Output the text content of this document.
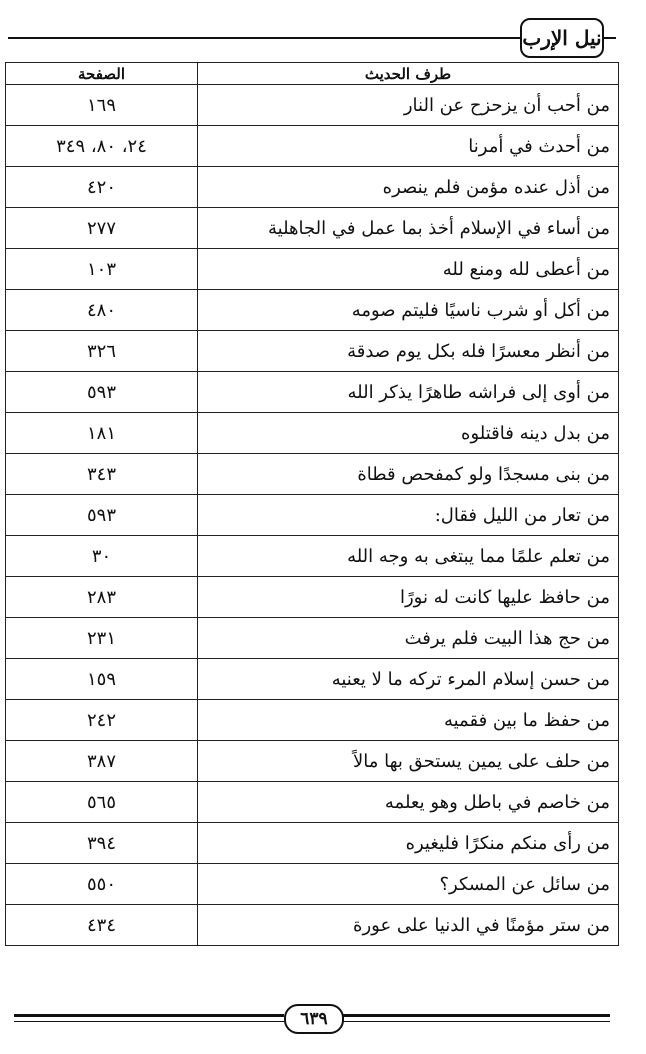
نيل الإرب
طرف الحديث	الصفحة
من أحب أن يزحزح عن النار	١٦٩
من أحدث في أمرنا	٢٤، ٨٠، ٣٤٩
من أذل عنده مؤمن فلم ينصره	٤٢٠
من أساء في الإسلام أخذ بما عمل في الجاهلية	٢٧٧
من أعطى لله ومنع لله	١٠٣
من أكل أو شرب ناسيًا فليتم صومه	٤٨٠
من أنظر معسرًا فله بكل يوم صدقة	٣٢٦
من أوى إلى فراشه طاهرًا يذكر الله	٥٩٣
من بدل دينه فاقتلوه	١٨١
من بنى مسجدًا ولو كمفحص قطاة	٣٤٣
من تعار من الليل فقال:	٥٩٣
من تعلم علمًا مما يبتغى به وجه الله	٣٠
من حافظ عليها كانت له نورًا	٢٨٣
من حج هذا البيت فلم يرفث	٢٣١
من حسن إسلام المرء تركه ما لا يعنيه	١٥٩
من حفظ ما بين فقميه	٢٤٢
من حلف على يمين يستحق بها مالاً	٣٨٧
من خاصم في باطل وهو يعلمه	٥٦٥
من رأى منكم منكرًا فليغيره	٣٩٤
من سائل عن المسكر؟	٥٥٠
من ستر مؤمنًا في الدنيا على عورة	٤٣٤
٦٣٩
